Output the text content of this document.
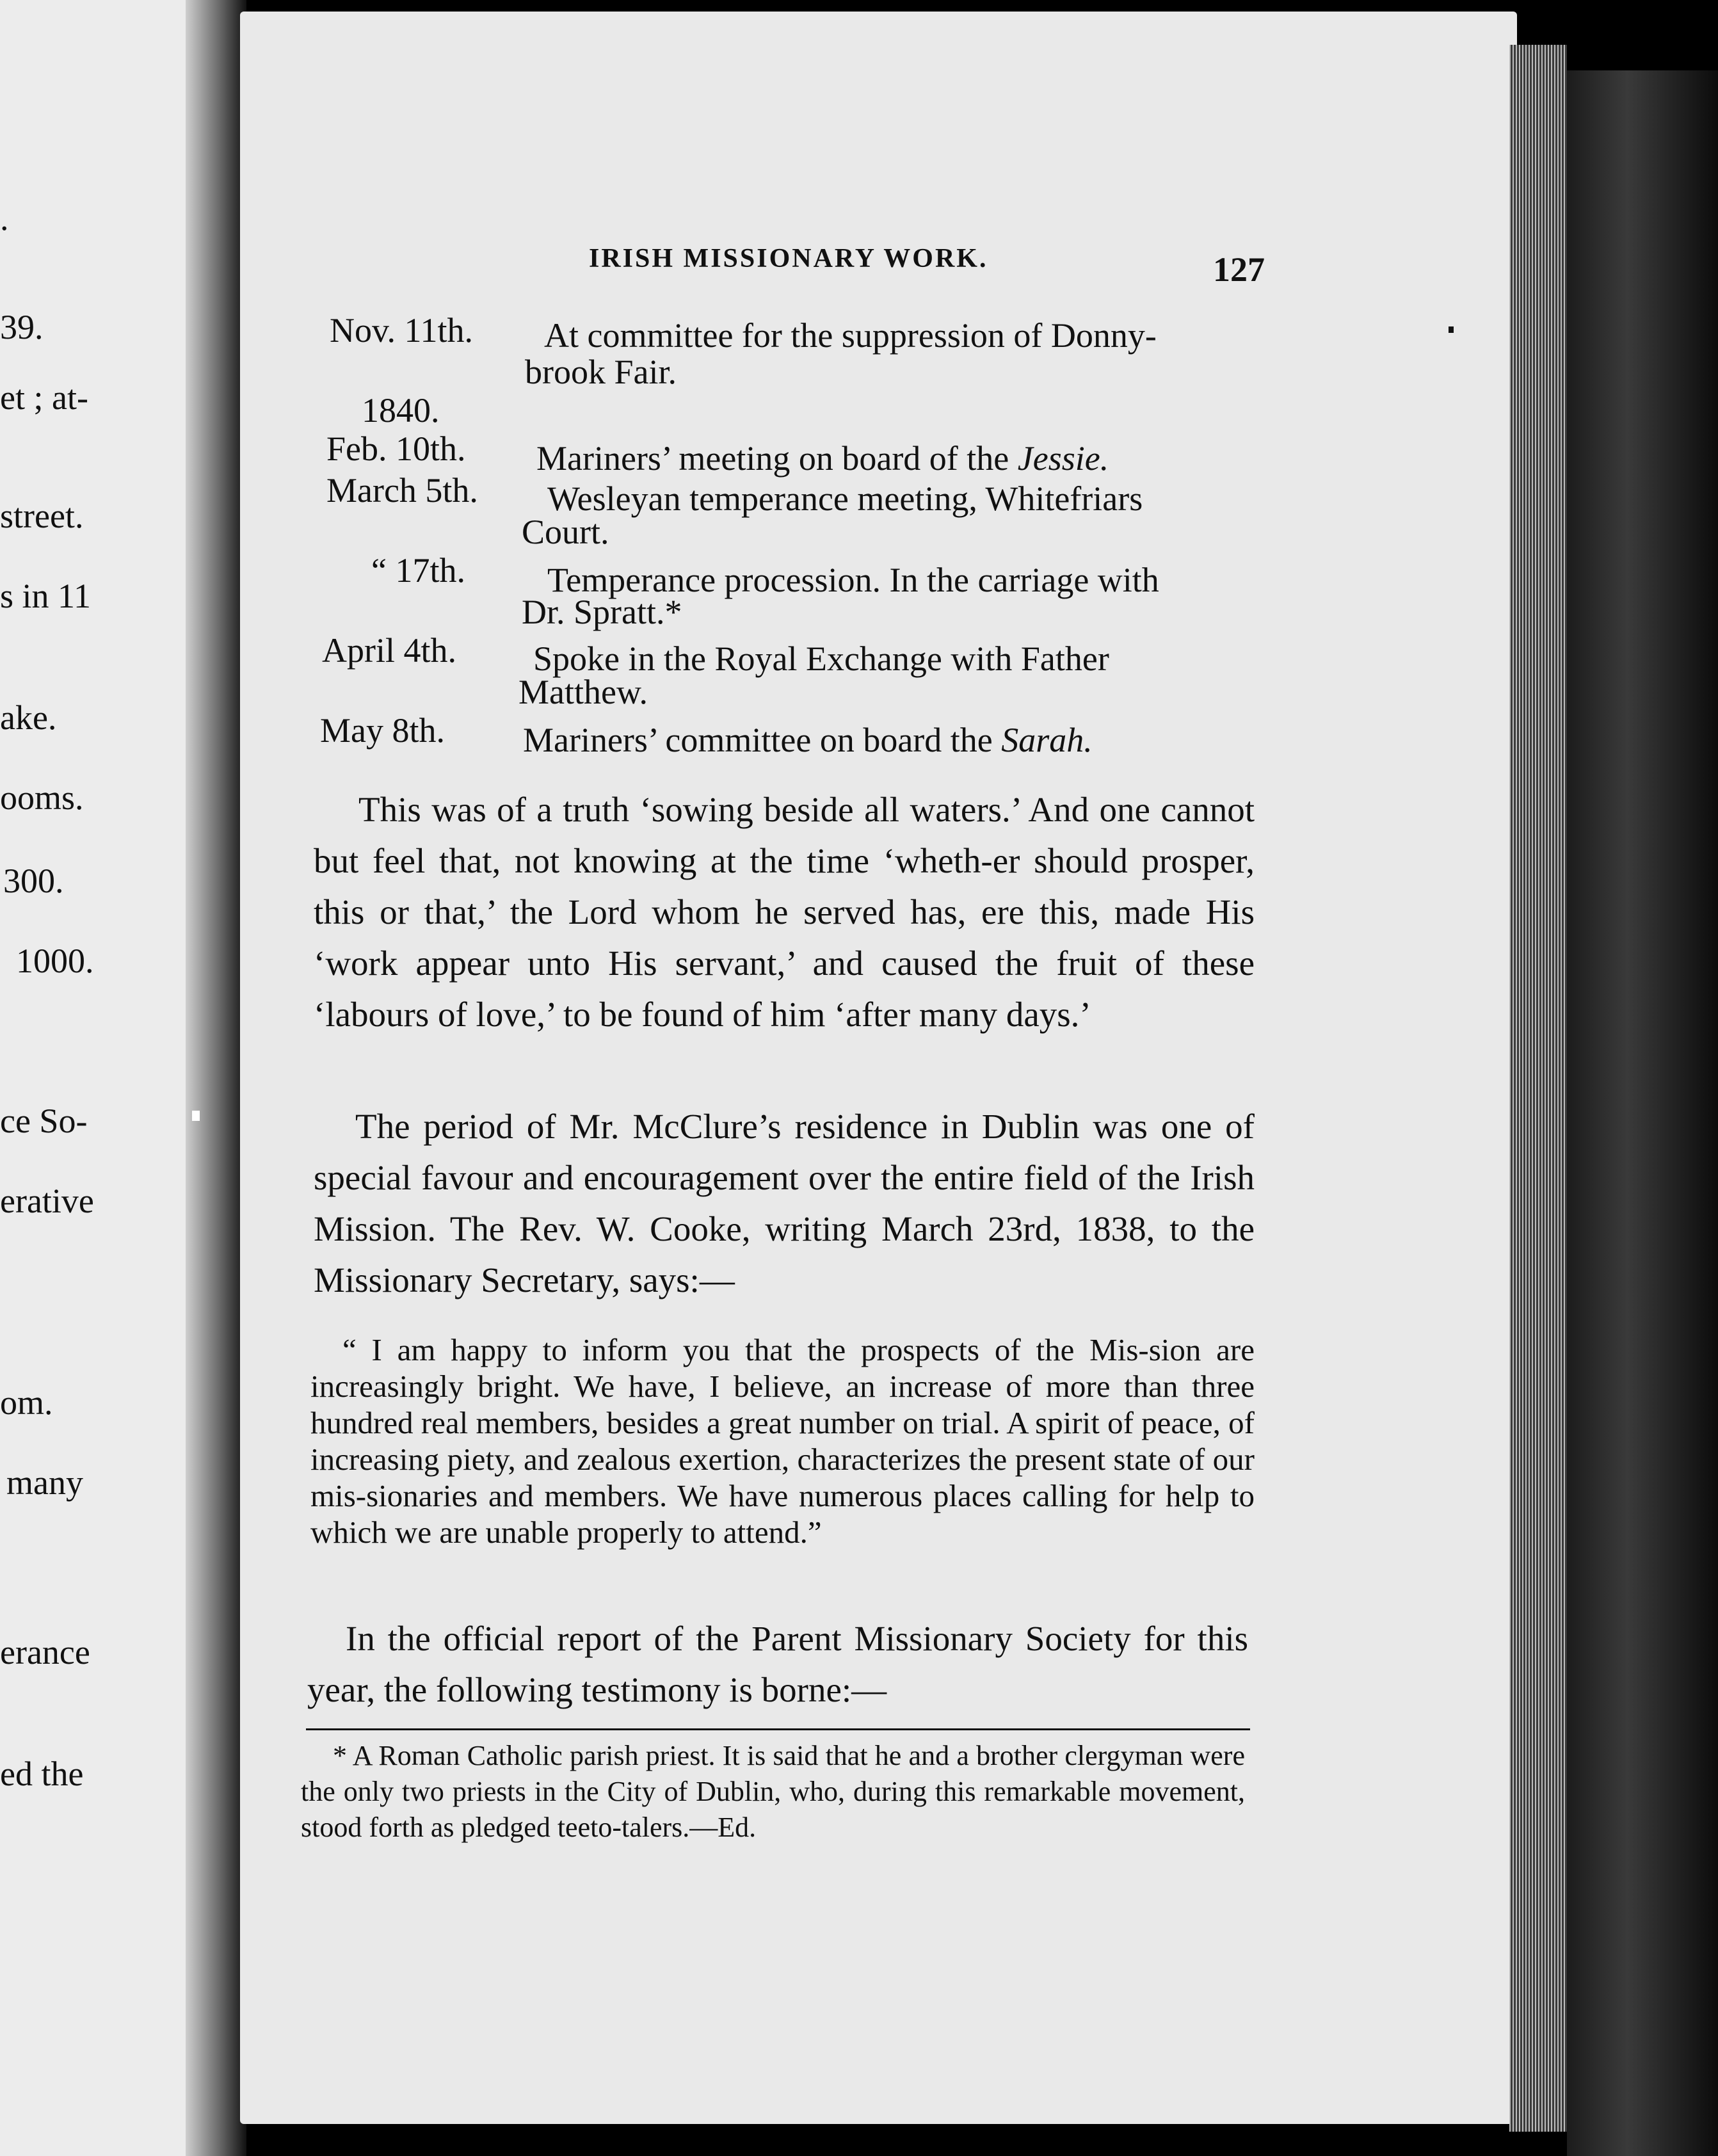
.
39.
et ; at-
street.
s in 11
ake.
ooms.
300.
1000.
ce So-
erative
om.
many
erance
ed the
IRISH MISSIONARY WORK.	127
Nov. 11th. At committee for the suppression of Donny-
brook Fair.
1840.
Feb. 10th. Mariners’ meeting on board of the Jessie.
March 5th. Wesleyan temperance meeting, Whitefriars
Court.
“ 17th. Temperance procession. In the carriage with
Dr. Spratt.*
April 4th. Spoke in the Royal Exchange with Father
Matthew.
May 8th. Mariners’ committee on board the Sarah.
This was of a truth ‘sowing beside all waters.’ And one cannot but feel that, not knowing at the time ‘wheth-er should prosper, this or that,’ the Lord whom he served has, ere this, made His ‘work appear unto His servant,’ and caused the fruit of these ‘labours of love,’ to be found of him ‘after many days.’
The period of Mr. McClure’s residence in Dublin was one of special favour and encouragement over the entire field of the Irish Mission. The Rev. W. Cooke, writing March 23rd, 1838, to the Missionary Secretary, says:—
“ I am happy to inform you that the prospects of the Mis-sion are increasingly bright. We have, I believe, an increase of more than three hundred real members, besides a great number on trial. A spirit of peace, of increasing piety, and zealous exertion, characterizes the present state of our mis-sionaries and members. We have numerous places calling for help to which we are unable properly to attend.”
In the official report of the Parent Missionary Society for this year, the following testimony is borne:—
* A Roman Catholic parish priest. It is said that he and a brother clergyman were the only two priests in the City of Dublin, who, during this remarkable movement, stood forth as pledged teeto-talers.—Ed.
